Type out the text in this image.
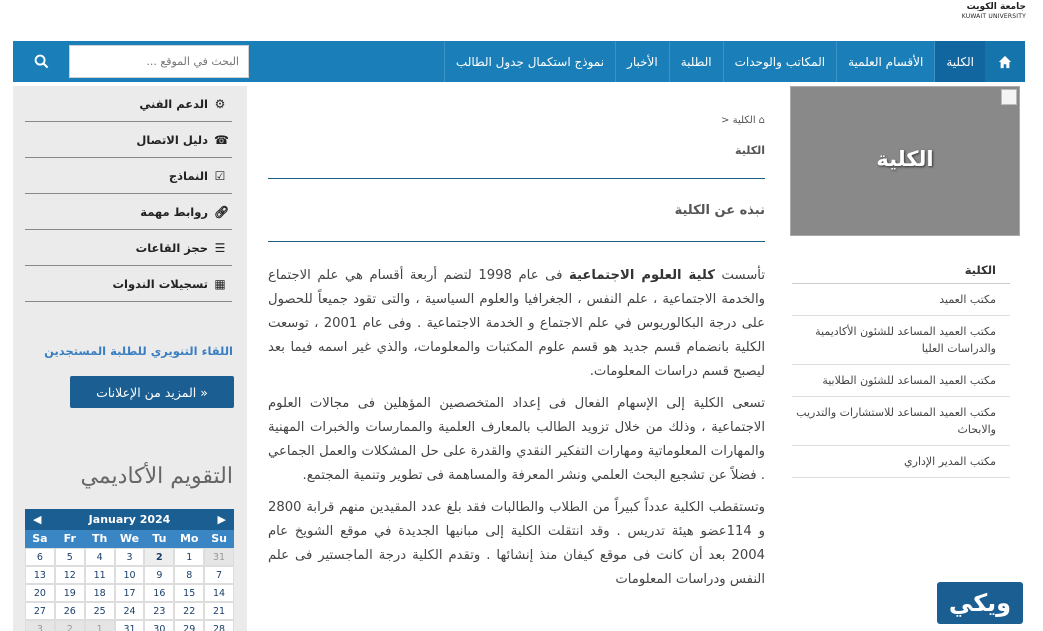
جامعة الكويت
KUWAIT UNIVERSITY
الكلية
الأقسام العلمية
المكاتب والوحدات
الطلبة
الأخبار
نموذج استكمال جدول الطالب
البحث في الموقع ...
⚙
الدعم الفني
☎
دليل الاتصال
☑
النماذج
🔗︎
روابط مهمة
☰
حجز القاعات
▦
تسجيلات الندوات
اللقاء التنويري للطلبة المستجدين
المزيد من الإعلانات »
التقويم الأكاديمي
◀	January 2024	▶
Sa	Fr	Th	We	Tu	Mo	Su
6	5	4	3	2	1	31
13	12	11	10	9	8	7
20	19	18	17	16	15	14
27	26	25	24	23	22	21
3	2	1	31	30	29	28
> الكلية ⌂
الكلية
نبذه عن الكلية

تأسست كلية العلوم الاجتماعية فى عام 1998 لتضم أربعة أقسام هي علم الاجتماع والخدمة الاجتماعية ، علم النفس ، الجغرافيا والعلوم السياسية ، والتى تقود جميعاً للحصول على درجة البكالوريوس في علم الاجتماع و الخدمة الاجتماعية . وفى عام 2001 ، توسعت الكلية بانضمام قسم جديد هو قسم علوم المكتبات والمعلومات، والذي غير اسمه فيما بعد ليصبح قسم دراسات المعلومات.

تسعى الكلية إلى الإسهام الفعال فى إعداد المتخصصين المؤهلين فى مجالات العلوم الاجتماعية ، وذلك من خلال تزويد الطالب بالمعارف العلمية والممارسات والخبرات المهنية والمهارات المعلوماتية ومهارات التفكير النقدي والقدرة على حل المشكلات والعمل الجماعي . فضلاً عن تشجيع البحث العلمي ونشر المعرفة والمساهمة فى تطوير وتنمية المجتمع.

وتستقطب الكلية عدداً كبيراً من الطلاب والطالبات فقد بلغ عدد المقيدين منهم قرابة 2800 و 114عضو هيئة تدريس . وقد انتقلت الكلية إلى مبانيها الجديدة في موقع الشويخ عام 2004 بعد أن كانت فى موقع كيفان منذ إنشائها . وتقدم الكلية درجة الماجستير فى علم النفس ودراسات المعلومات

الكلية
الكلية
مكتب العميد
مكتب العميد المساعد للشئون الأكاديمية والدراسات العليا
مكتب العميد المساعد للشئون الطلابية
مكتب العميد المساعد للاستشارات والتدريب والابحاث
مكتب المدير الإداري
ويكي
